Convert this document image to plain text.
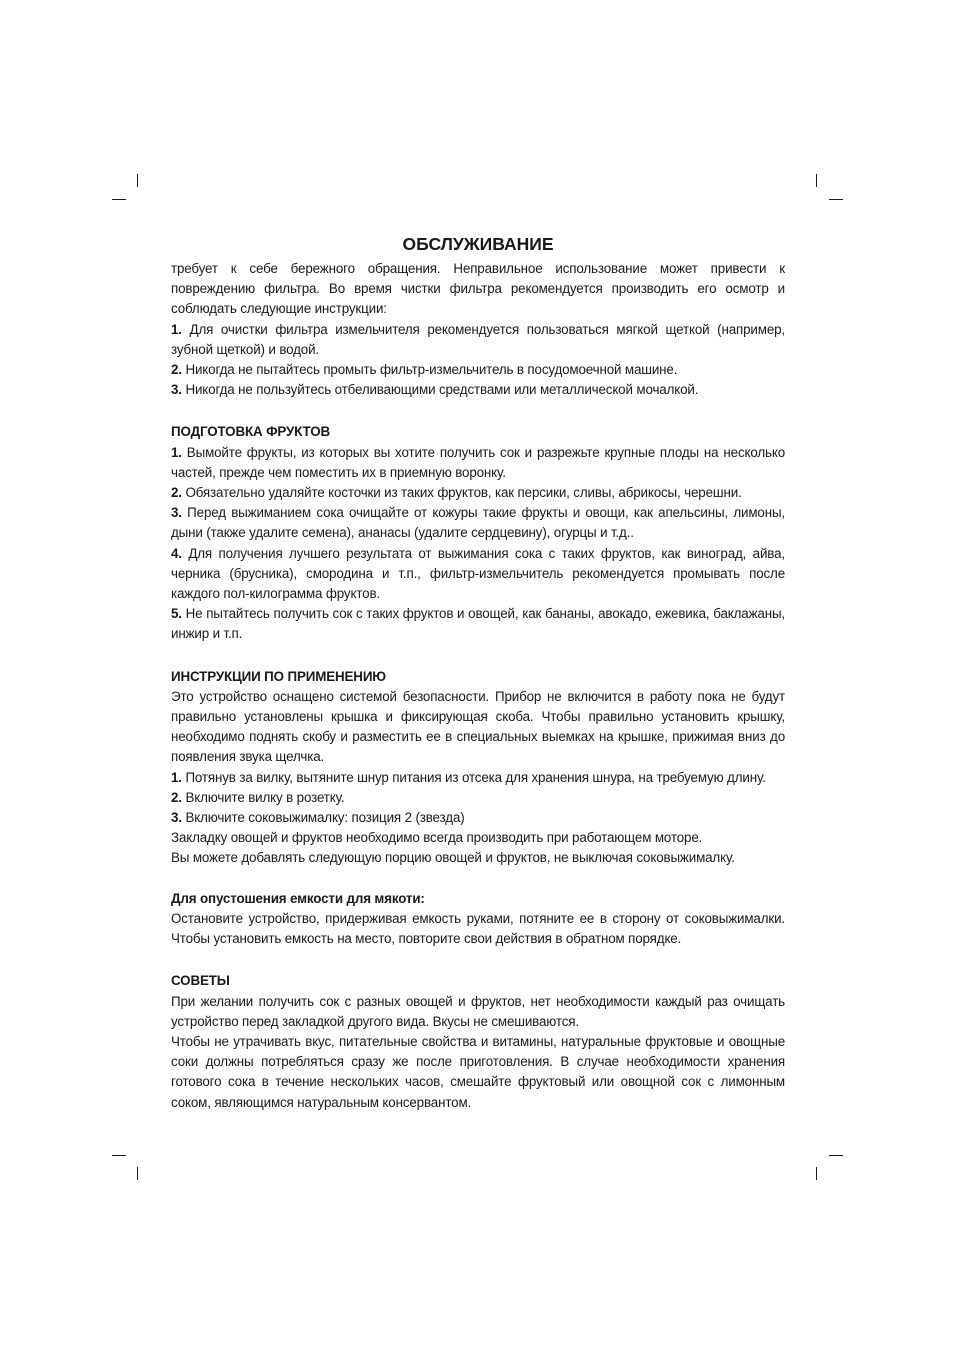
ОБСЛУЖИВАНИЕ

требует к себе бережного обращения. Неправильное использование может привести к повреждению фильтра. Во время чистки фильтра рекомендуется производить его осмотр и соблюдать следующие инструкции:

1. Для очистки фильтра измельчителя рекомендуется пользоваться мягкой щеткой (например, зубной щеткой) и водой.

2. Никогда не пытайтесь промыть фильтр-измельчитель в посудомоечной машине.

3. Никогда не пользуйтесь отбеливающими средствами или металлической мочалкой.

ПОДГОТОВКА ФРУКТОВ

1. Вымойте фрукты, из которых вы хотите получить сок и разрежьте крупные плоды на несколько частей, прежде чем поместить их в приемную воронку.

2. Обязательно удаляйте косточки из таких фруктов, как персики, сливы, абрикосы, черешни.

3. Перед выжиманием сока очищайте от кожуры такие фрукты и овощи, как апельсины, лимоны, дыни (также удалите семена), ананасы (удалите сердцевину), огурцы и т.д..

4. Для получения лучшего результата от выжимания сока с таких фруктов, как виноград, айва, черника (брусника), смородина и т.п., фильтр-измельчитель рекомендуется промывать после каждого пол-килограмма фруктов.

5. Не пытайтесь получить сок с таких фруктов и овощей, как бананы, авокадо, ежевика, баклажаны, инжир и т.п.

ИНСТРУКЦИИ ПО ПРИМЕНЕНИЮ

Это устройство оснащено системой безопасности. Прибор не включится в работу пока не будут правильно установлены крышка и фиксирующая скоба. Чтобы правильно установить крышку, необходимо поднять скобу и разместить ее в специальных выемках на крышке, прижимая вниз до появления звука щелчка.

1. Потянув за вилку, вытяните шнур питания из отсека для хранения шнура, на требуемую длину.

2. Включите вилку в розетку.

3. Включите соковыжималку: позиция 2 (звезда)

Закладку овощей и фруктов необходимо всегда производить при работающем моторе.

Вы можете добавлять следующую порцию овощей и фруктов, не выключая соковыжималку.

Для опустошения емкости для мякоти:

Остановите устройство, придерживая емкость руками, потяните ее в сторону от соковыжималки. Чтобы установить емкость на место, повторите свои действия в обратном порядке.

СОВЕТЫ

При желании получить сок с разных овощей и фруктов, нет необходимости каждый раз очищать устройство перед закладкой другого вида. Вкусы не смешиваются.

Чтобы не утрачивать вкус, питательные свойства и витамины, натуральные фруктовые и овощные соки должны потребляться сразу же после приготовления. В случае необходимости хранения готового сока в течение нескольких часов, смешайте фруктовый или овощной сок с лимонным соком, являющимся натуральным консервантом.
